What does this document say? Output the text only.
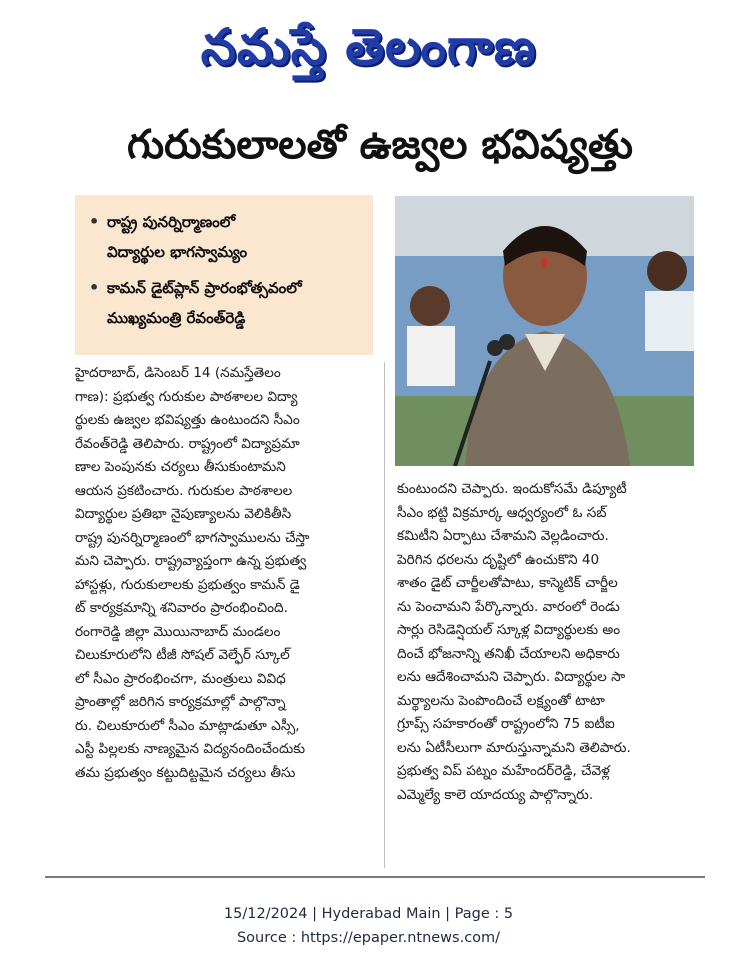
నమస్తే తెలంగాణ
గురుకులాలతో ఉజ్వల భవిష్యత్తు
• రాష్ట్ర పునర్నిర్మాణంలో
విద్యార్థుల భాగస్వామ్యం
• కామన్ డైట్‌ప్లాన్ ప్రారంభోత్సవంలో
ముఖ్యమంత్రి రేవంత్‌రెడ్డి
హైదరాబాద్, డిసెంబర్ 14 (నమస్తేతెలం
గాణ): ప్రభుత్వ గురుకుల పాఠశాలల విద్యా
ర్థులకు ఉజ్వల భవిష్యత్తు ఉంటుందని సీఎం
రేవంత్‌రెడ్డి తెలిపారు. రాష్ట్రంలో విద్యాప్రమా
ణాల పెంపునకు చర్యలు తీసుకుంటామని
ఆయన ప్రకటించారు. గురుకుల పాఠశాలల
విద్యార్థుల ప్రతిభా నైపుణ్యాలను వెలికితీసి
రాష్ట్ర పునర్నిర్మాణంలో భాగస్వాములను చేస్తా
మని చెప్పారు. రాష్ట్రవ్యాప్తంగా ఉన్న ప్రభుత్వ
హాస్టళ్లు, గురుకులాలకు ప్రభుత్వం కామన్ డై
ట్ కార్యక్రమాన్ని శనివారం ప్రారంభించింది.
రంగారెడ్డి జిల్లా మొయినాబాద్ మండలం
చిలుకూరులోని టీజీ సోషల్ వెల్ఫేర్ స్కూల్
లో సీఎం ప్రారంభించగా, మంత్రులు వివిధ
ప్రాంతాల్లో జరిగిన కార్యక్రమాల్లో పాల్గొన్నా
రు. చిలుకూరులో సీఎం మాట్లాడుతూ ఎస్సీ,
ఎస్టీ పిల్లలకు నాణ్యమైన విద్యనందించేందుకు
తమ ప్రభుత్వం కట్టుదిట్టమైన చర్యలు తీసు
కుంటుందని చెప్పారు. ఇందుకోసమే డిప్యూటీ
సీఎం భట్టి విక్రమార్క ఆధ్వర్యంలో ఓ సబ్
కమిటీని ఏర్పాటు చేశామని వెల్లడించారు.
పెరిగిన ధరలను దృష్టిలో ఉంచుకొని 40
శాతం డైట్ చార్జీలతోపాటు, కాస్మెటిక్ చార్జీల
ను పెంచామని పేర్కొన్నారు. వారంలో రెండు
సార్లు రెసిడెన్షియల్ స్కూళ్ల విద్యార్థులకు అం
దించే భోజనాన్ని తనిఖీ చేయాలని అధికారు
లను ఆదేశించామని చెప్పారు. విద్యార్థుల సా
మర్థ్యాలను పెంపొందించే లక్ష్యంతో టాటా
గ్రూప్స్ సహకారంతో రాష్ట్రంలోని 75 ఐటీఐ
లను ఏటీసీలుగా మారుస్తున్నామని తెలిపారు.
ప్రభుత్వ విప్ పట్నం మహేందర్‌రెడ్డి, చేవెళ్ల
ఎమ్మెల్యే కాలె యాదయ్య పాల్గొన్నారు.
15/12/2024 | Hyderabad Main | Page : 5
Source : https://epaper.ntnews.com/
